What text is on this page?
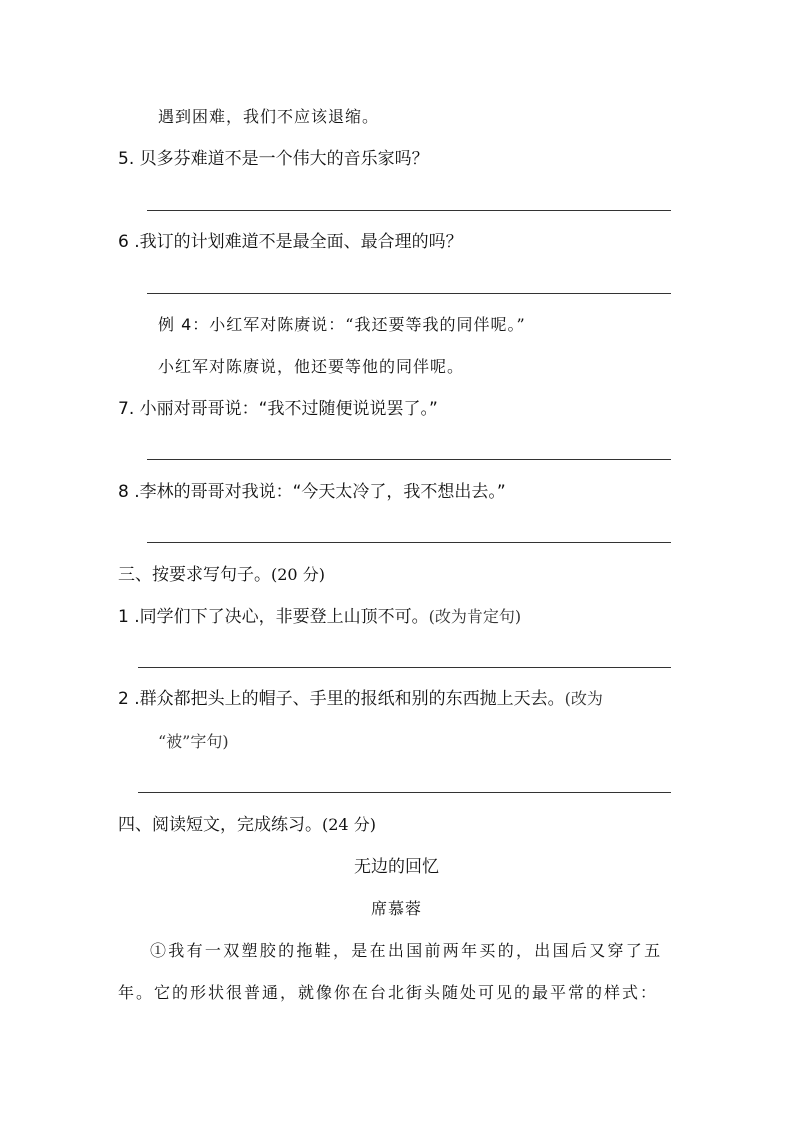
遇到困难，我们不应该退缩。
5. 贝多芬难道不是一个伟大的音乐家吗？
6 .我订的计划难道不是最全面、最合理的吗？
例 4：小红军对陈赓说：“我还要等我的同伴呢。”
小红军对陈赓说，他还要等他的同伴呢。
7. 小丽对哥哥说：“我不过随便说说罢了。”
8 .李林的哥哥对我说：“今天太冷了，我不想出去。”
三、按要求写句子。(20 分)
1 .同学们下了决心，非要登上山顶不可。(改为肯定句)
2 .群众都把头上的帽子、手里的报纸和别的东西抛上天去。(改为
“被”字句)
四、阅读短文，完成练习。(24 分)
无边的回忆
席慕蓉
①我有一双塑胶的拖鞋，是在出国前两年买的，出国后又穿了五
年。它的形状很普通，就像你在台北街头随处可见的最平常的样式：
